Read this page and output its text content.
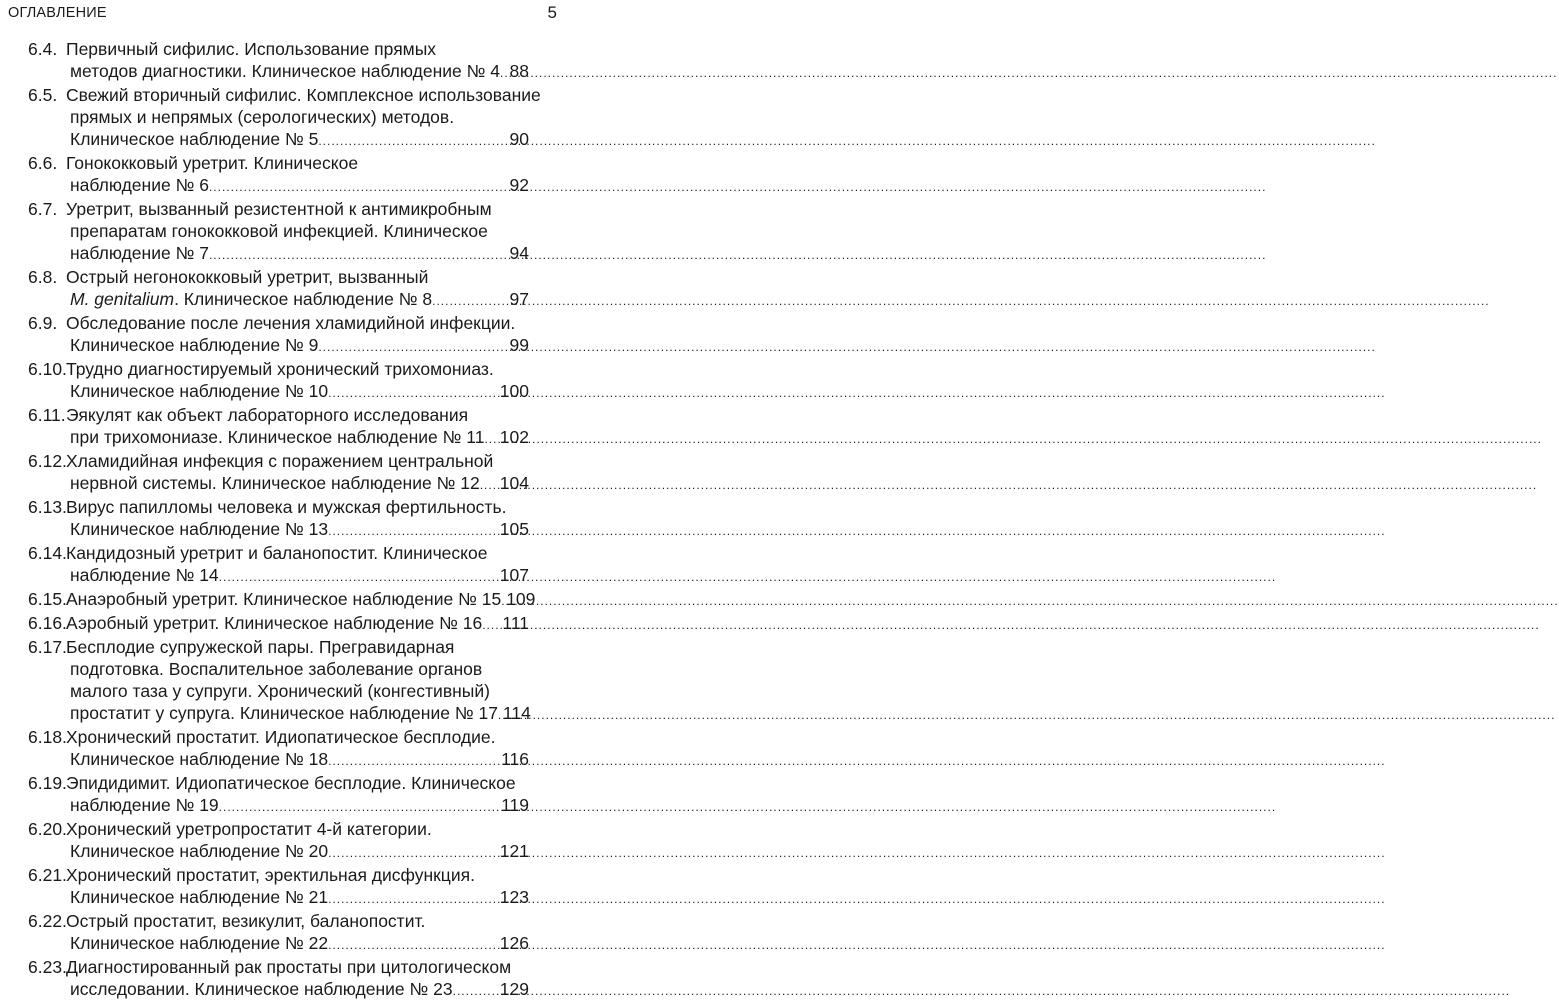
ОГЛАВЛЕНИЕ	5
6.4. Первичный сифилис. Использование прямых
методов диагностики. Клиническое наблюдение № 4 ..... 88
6.5. Свежий вторичный сифилис. Комплексное использование
прямых и непрямых (серологических) методов.
Клиническое наблюдение № 5 .....	90
6.6. Гонококковый уретрит. Клиническое
наблюдение № 6 .....	92
6.7. Уретрит, вызванный резистентной к антимикробным
препаратам гонококковой инфекцией. Клиническое
наблюдение № 7 .....	94
6.8. Острый негонококковый уретрит, вызванный
M. genitalium. Клиническое наблюдение № 8 .....	97
6.9. Обследование после лечения хламидийной инфекции.
Клиническое наблюдение № 9 .....	99
6.10. Трудно диагностируемый хронический трихомониаз.
Клиническое наблюдение № 10 .....	100
6.11. Эякулят как объект лабораторного исследования
при трихомониазе. Клиническое наблюдение № 11 ..... 102
6.12. Хламидийная инфекция с поражением центральной
нервной системы. Клиническое наблюдение № 12 ..... 104
6.13. Вирус папилломы человека и мужская фертильность.
Клиническое наблюдение № 13 .....	105
6.14. Кандидозный уретрит и баланопостит. Клиническое
наблюдение № 14 .....	107
6.15. Анаэробный уретрит. Клиническое наблюдение № 15 ..... 109
6.16. Аэробный уретрит. Клиническое наблюдение № 16 ..... 111
6.17. Бесплодие супружеской пары. Прегравидарная
подготовка. Воспалительное заболевание органов
малого таза у супруги. Хронический (конгестивный)
простатит у супруга. Клиническое наблюдение № 17 ..... 114
6.18. Хронический простатит. Идиопатическое бесплодие.
Клиническое наблюдение № 18 .....	116
6.19. Эпидидимит. Идиопатическое бесплодие. Клиническое
наблюдение № 19 .....	119
6.20. Хронический уретропростатит 4-й категории.
Клиническое наблюдение № 20 .....	121
6.21. Хронический простатит, эректильная дисфункция.
Клиническое наблюдение № 21 .....	123
6.22. Острый простатит, везикулит, баланопостит.
Клиническое наблюдение № 22 .....	126
6.23. Диагностированный рак простаты при цитологическом
исследовании. Клиническое наблюдение № 23 .....	129
